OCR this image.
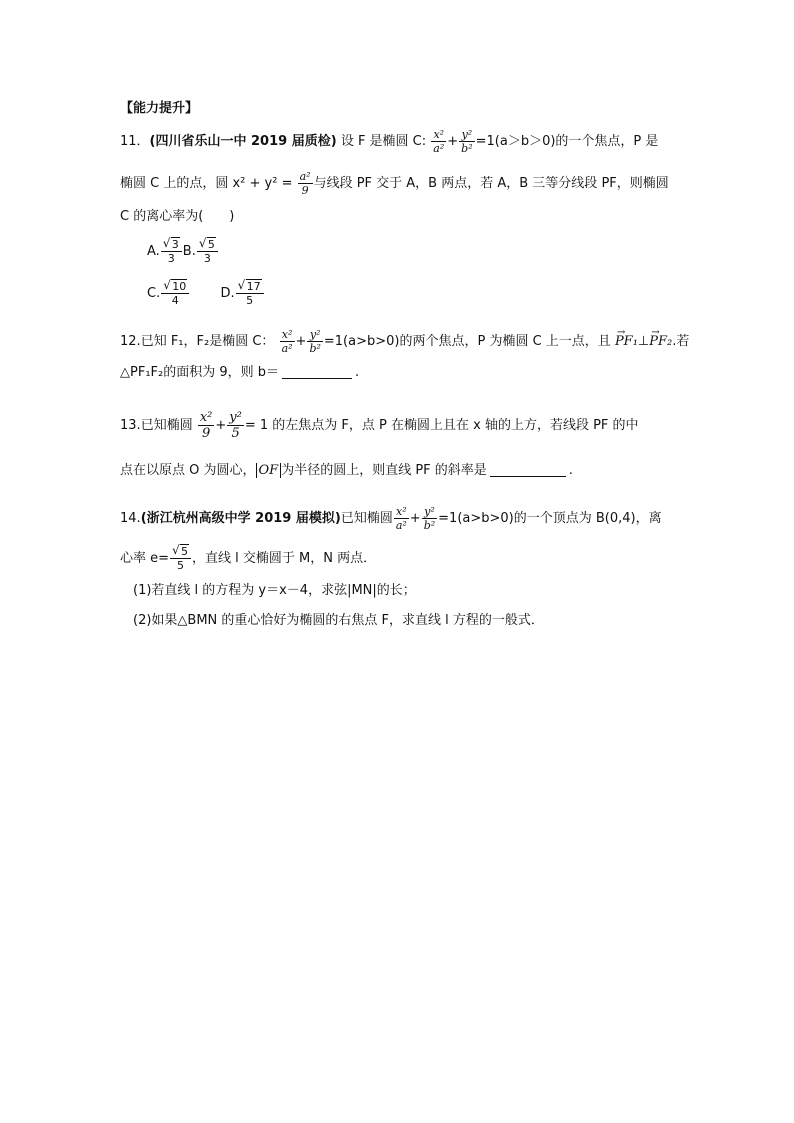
【能力提升】
11．(四川省乐山一中 2019 届质检) 设 F 是椭圆 C: $\frac{\text{x²}}{\text{a²}} + \frac{\text{y²}}{\text{b²}} =1(a>b>0)$的一个焦点，P 是
椭圆 C 上的点，圆 $x^2 + y^2 = \frac{\text{a²}}{9}$ 与线段 PF 交于 A，B 两点，若 A，B 三等分线段 PF，则椭圆
C 的离心率为(　　)
A. √ $\frac{3}{3} B$. √ $\frac{5}{3}$
C. √ $\frac{10}{4} D$. √ $\frac{17}{5}$
12.已知 F₁，F₂是椭圆 C： $\frac{\text{x²}}{\text{a²}} + \frac{\text{y²}}{\text{b²}} =1(a>b>0)$的两个焦点，P 为椭圆 C 上一点，且 → PF₁⊥→ PF₂.若
△PF₁F₂的面积为 9，则 b＝	.
13.已知椭圆 $\frac{\text{x²}}{9} + \frac{\text{y²}}{5} = 1$ 的左焦点为 F，点 P 在椭圆上且在 x 轴的上方，若线段 PF 的中
点在以原点 O 为圆心， OF 为半径的圆上，则直线 PF 的斜率是	.
14.(浙江杭州高级中学 2019 届模拟)已知椭圆 $\frac{\text{x²}}{\text{a²}} + \frac{\text{y²}}{\text{b²}} =1(a>b>0)$的一个顶点为 B(0,4)，离
心率 e= √ $\frac{5}{5}$ ，直线 l 交椭圆于 M，N 两点．
(1)若直线 l 的方程为 y＝x－4，求弦|MN|的长；
(2)如果△BMN 的重心恰好为椭圆的右焦点 F，求直线 l 方程的一般式．
